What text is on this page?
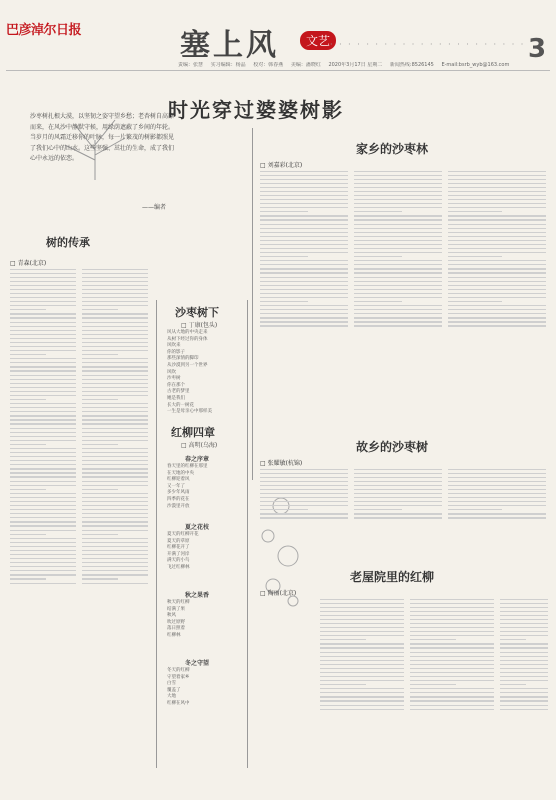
巴彦淖尔日报	塞上风	文艺 · · · · · · · · · · · · · · · · · · · · · · 3
责编：张慧 实习编辑：杨晶 校对：韩春燕 美编：潘晓红 2020年3月17日 星期二 新闻热线:8526145 E-mail:bsrb_wyb@163.com
沙枣树扎根大漠，以坚韧之姿守望乡愁；老杏树自高原而来，在风沙中静默守候，用绿荫遮蔽了乡间的年轮。当岁月的风霜迁移你的叶脉，每一片繁茂的树影都照见了我们心中的山水。这些坚强、茁壮的生命，成了我们心中永远的依恋。
——编者
时光穿过婆婆树影
树的传承
□ 青森(北京)
沙枣树下
□ 丁康(包头)
风从大地的中央走来
从树下经过你的身体
风吹来
你的影子
那些深情的脚印
从沙漠到另一个世界
风吹
沙枣树
你在那个
古老的梦里
她是我们
长大的一树花
一生是母亲心中那样美
红柳四章
□ 高明(乌海)
春之序章
春天里的红柳在那里
在天地的中央
红柳迎着风
又一年了
多少年风雨
四季的花在
沙漠里开放
夏之花枝
夏天的红柳开花
夏天的草原
红柳花开了
开满了河岸
满天的小鸟
飞过红柳林
秋之果香
秋天的红柳
结满了果
秋风
吹过原野
落日照着
红柳林
冬之守望
冬天的红柳
守望着家乡
白雪
覆盖了
大地
红柳在风中
家乡的沙枣林
□ 刘嘉彩(北京)
故乡的沙枣树
□ 张耀敏(杭锦)
老屋院里的红柳
□ 陶丽(北京)
